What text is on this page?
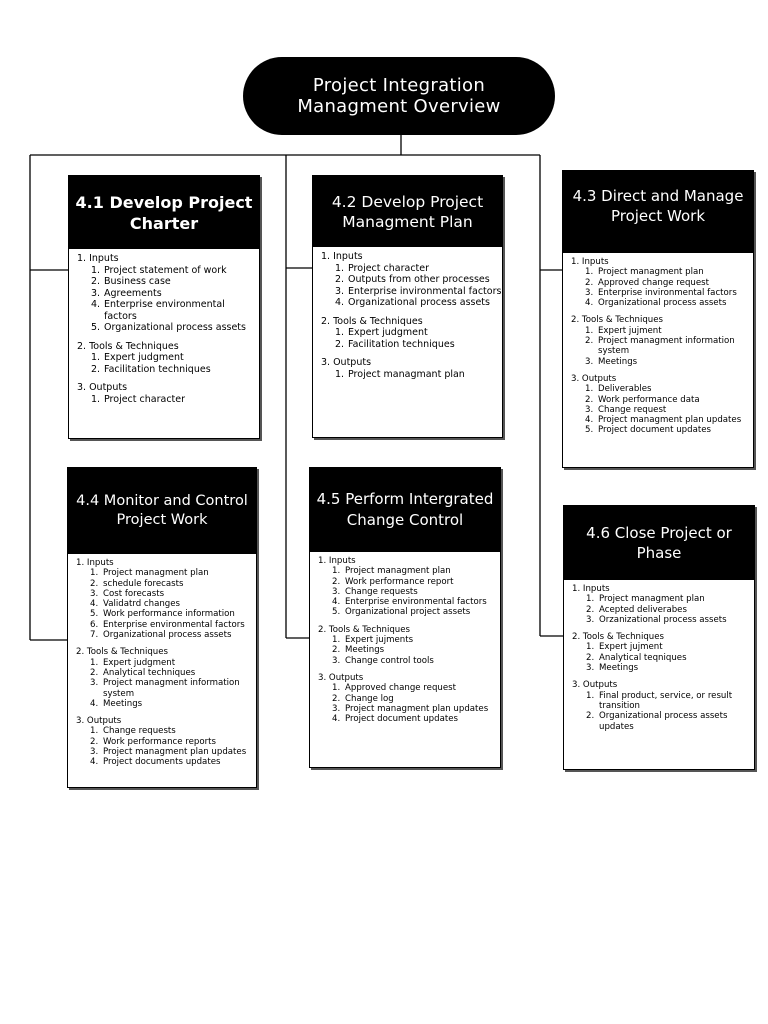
Project Integration
Managment Overview
4.1 Develop Project
Charter
1. Inputs
1. Project statement of work
2. Business case
3. Agreements
4. Enterprise environmental factors
5. Organizational process assets
2. Tools & Techniques
1. Expert judgment
2. Facilitation techniques
3. Outputs
1. Project character
4.2 Develop Project
Managment Plan
1. Inputs
1. Project character
2. Outputs from other processes
3. Enterprise invironmental factors
4. Organizational process assets
2. Tools & Techniques
1. Expert judgment
2. Facilitation techniques
3. Outputs
1. Project managmant plan
4.3 Direct and Manage
Project Work
1. Inputs
1. Project managment plan
2. Approved change request
3. Enterprise invironmental factors
4. Organizational process assets
2. Tools & Techniques
1. Expert jujment
2. Project managment information system
3. Meetings
3. Outputs
1. Deliverables
2. Work performance data
3. Change request
4. Project managment plan updates
5. Project document updates
4.4 Monitor and Control
Project Work
1. Inputs
1. Project managment plan
2. schedule forecasts
3. Cost forecasts
4. Validatrd changes
5. Work performance information
6. Enterprise environmental factors
7. Organizational process assets
2. Tools & Techniques
1. Expert judgment
2. Analytical techniques
3. Project managment information system
4. Meetings
3. Outputs
1. Change requests
2. Work performance reports
3. Project managment plan updates
4. Project documents updates
4.5 Perform Intergrated
Change Control
1. Inputs
1. Project managment plan
2. Work performance report
3. Change requests
4. Enterprise environmental factors
5. Organizational project assets
2. Tools & Techniques
1. Expert jujments
2. Meetings
3. Change control tools
3. Outputs
1. Approved change request
2. Change log
3. Project managment plan updates
4. Project document updates
4.6 Close Project or
Phase
1. Inputs
1. Project managment plan
2. Acepted deliverabes
3. Orzanizational process assets
2. Tools & Techniques
1. Expert jujment
2. Analytical teqniques
3. Meetings
3. Outputs
1. Final product, service, or result transition
2. Organizational process assets updates
